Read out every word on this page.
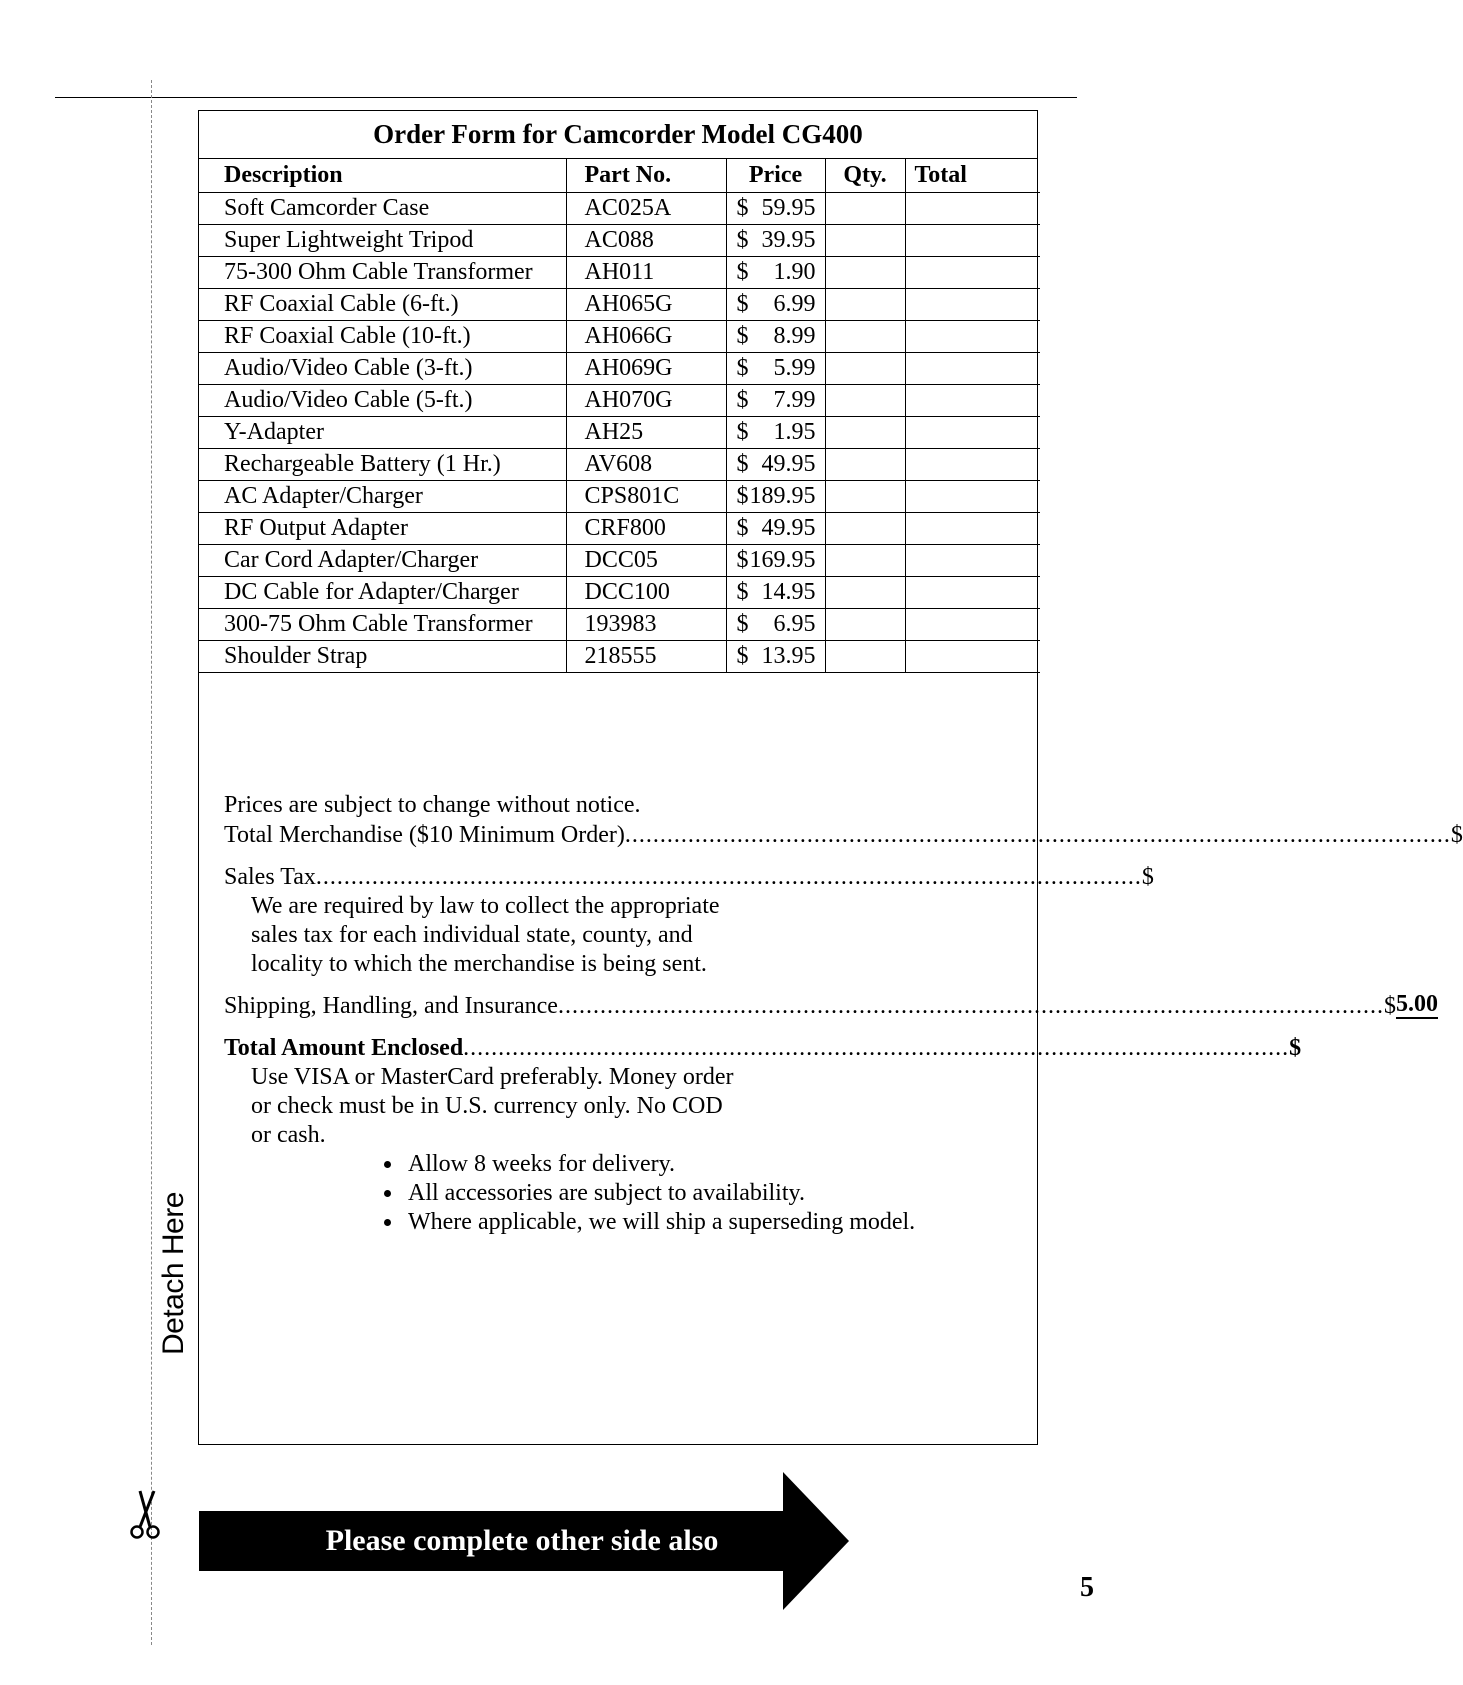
Detach Here
Order Form for Camcorder Model CG400
Description	Part No.	Price	Qty.	Total
Soft Camcorder Case	AC025A	$ 59.95		

Super Lightweight Tripod	AC088	$ 39.95		

75-300 Ohm Cable Transformer	AH011	$ 1.90		

RF Coaxial Cable (6-ft.)	AH065G	$ 6.99		

RF Coaxial Cable (10-ft.)	AH066G	$ 8.99		

Audio/Video Cable (3-ft.)	AH069G	$ 5.99		

Audio/Video Cable (5-ft.)	AH070G	$ 7.99		

Y-Adapter	AH25	$ 1.95		

Rechargeable Battery (1 Hr.)	AV608	$ 49.95		

AC Adapter/Charger	CPS801C	$ 189.95		

RF Output Adapter	CRF800	$ 49.95		

Car Cord Adapter/Charger	DCC05	$ 169.95		

DC Cable for Adapter/Charger	DCC100	$ 14.95		

300-75 Ohm Cable Transformer	193983	$ 6.95		

Shoulder Strap	218555	$ 13.95		

Prices are subject to change without notice.
Total Merchandise ($10 Minimum Order) ...................................................................................................................... $
Sales Tax ...................................................................................................................... $
We are required by law to collect the appropriate
sales tax for each individual state, county, and
locality to which the merchandise is being sent.
Shipping, Handling, and Insurance ...................................................................................................................... $ 5.00
Total Amount Enclosed ...................................................................................................................... $
Use VISA or MasterCard preferably. Money order
or check must be in U.S. currency only. No COD
or cash.
• Allow 8 weeks for delivery.
• All accessories are subject to availability.
• Where applicable, we will ship a superseding model.
Please complete other side also
5
